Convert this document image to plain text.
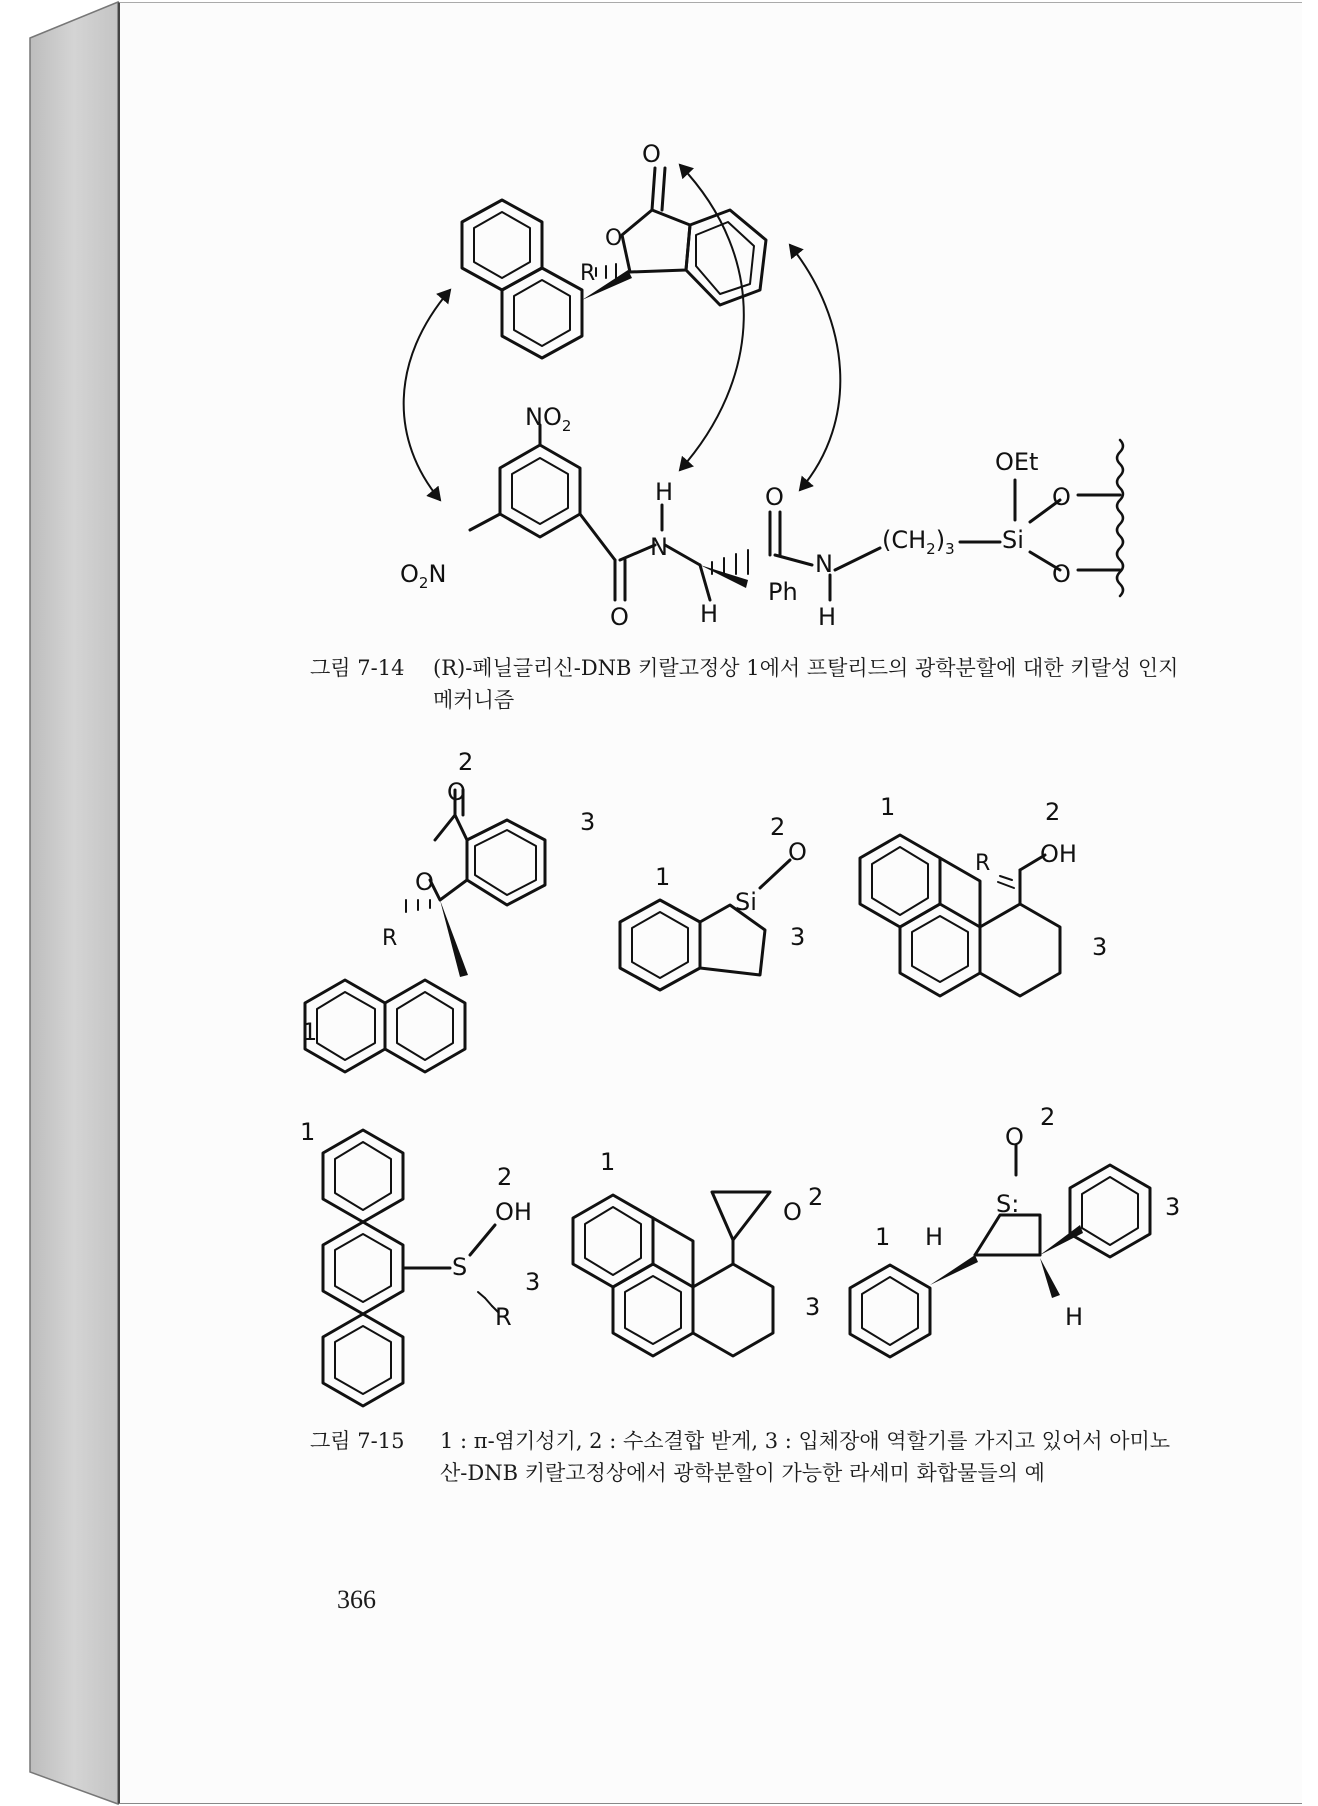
R
O
O
$NO_2$
$O_2N$
H
N
O	H
Ph
O
N
H
$(CH_2)_3$ Si
OEt
O
O
그림 7-14 (R)-페닐글리신-DNB 키랄고정상 1에서 프탈리드의 광학분할에 대한 키랄성 인지 메커니즘
2
O
O
3
R
1
2
O
Si
1
3
1	2
R OH
3
1
2
OH
S
3
R
1
O
2
3
2
O
S:	3
1 H
H
그림 7-15 1 : π-염기성기, 2 : 수소결합 받게, 3 : 입체장애 역할기를 가지고 있어서 아미노산-DNB 키랄고정상에서 광학분할이 가능한 라세미 화합물들의 예
366
